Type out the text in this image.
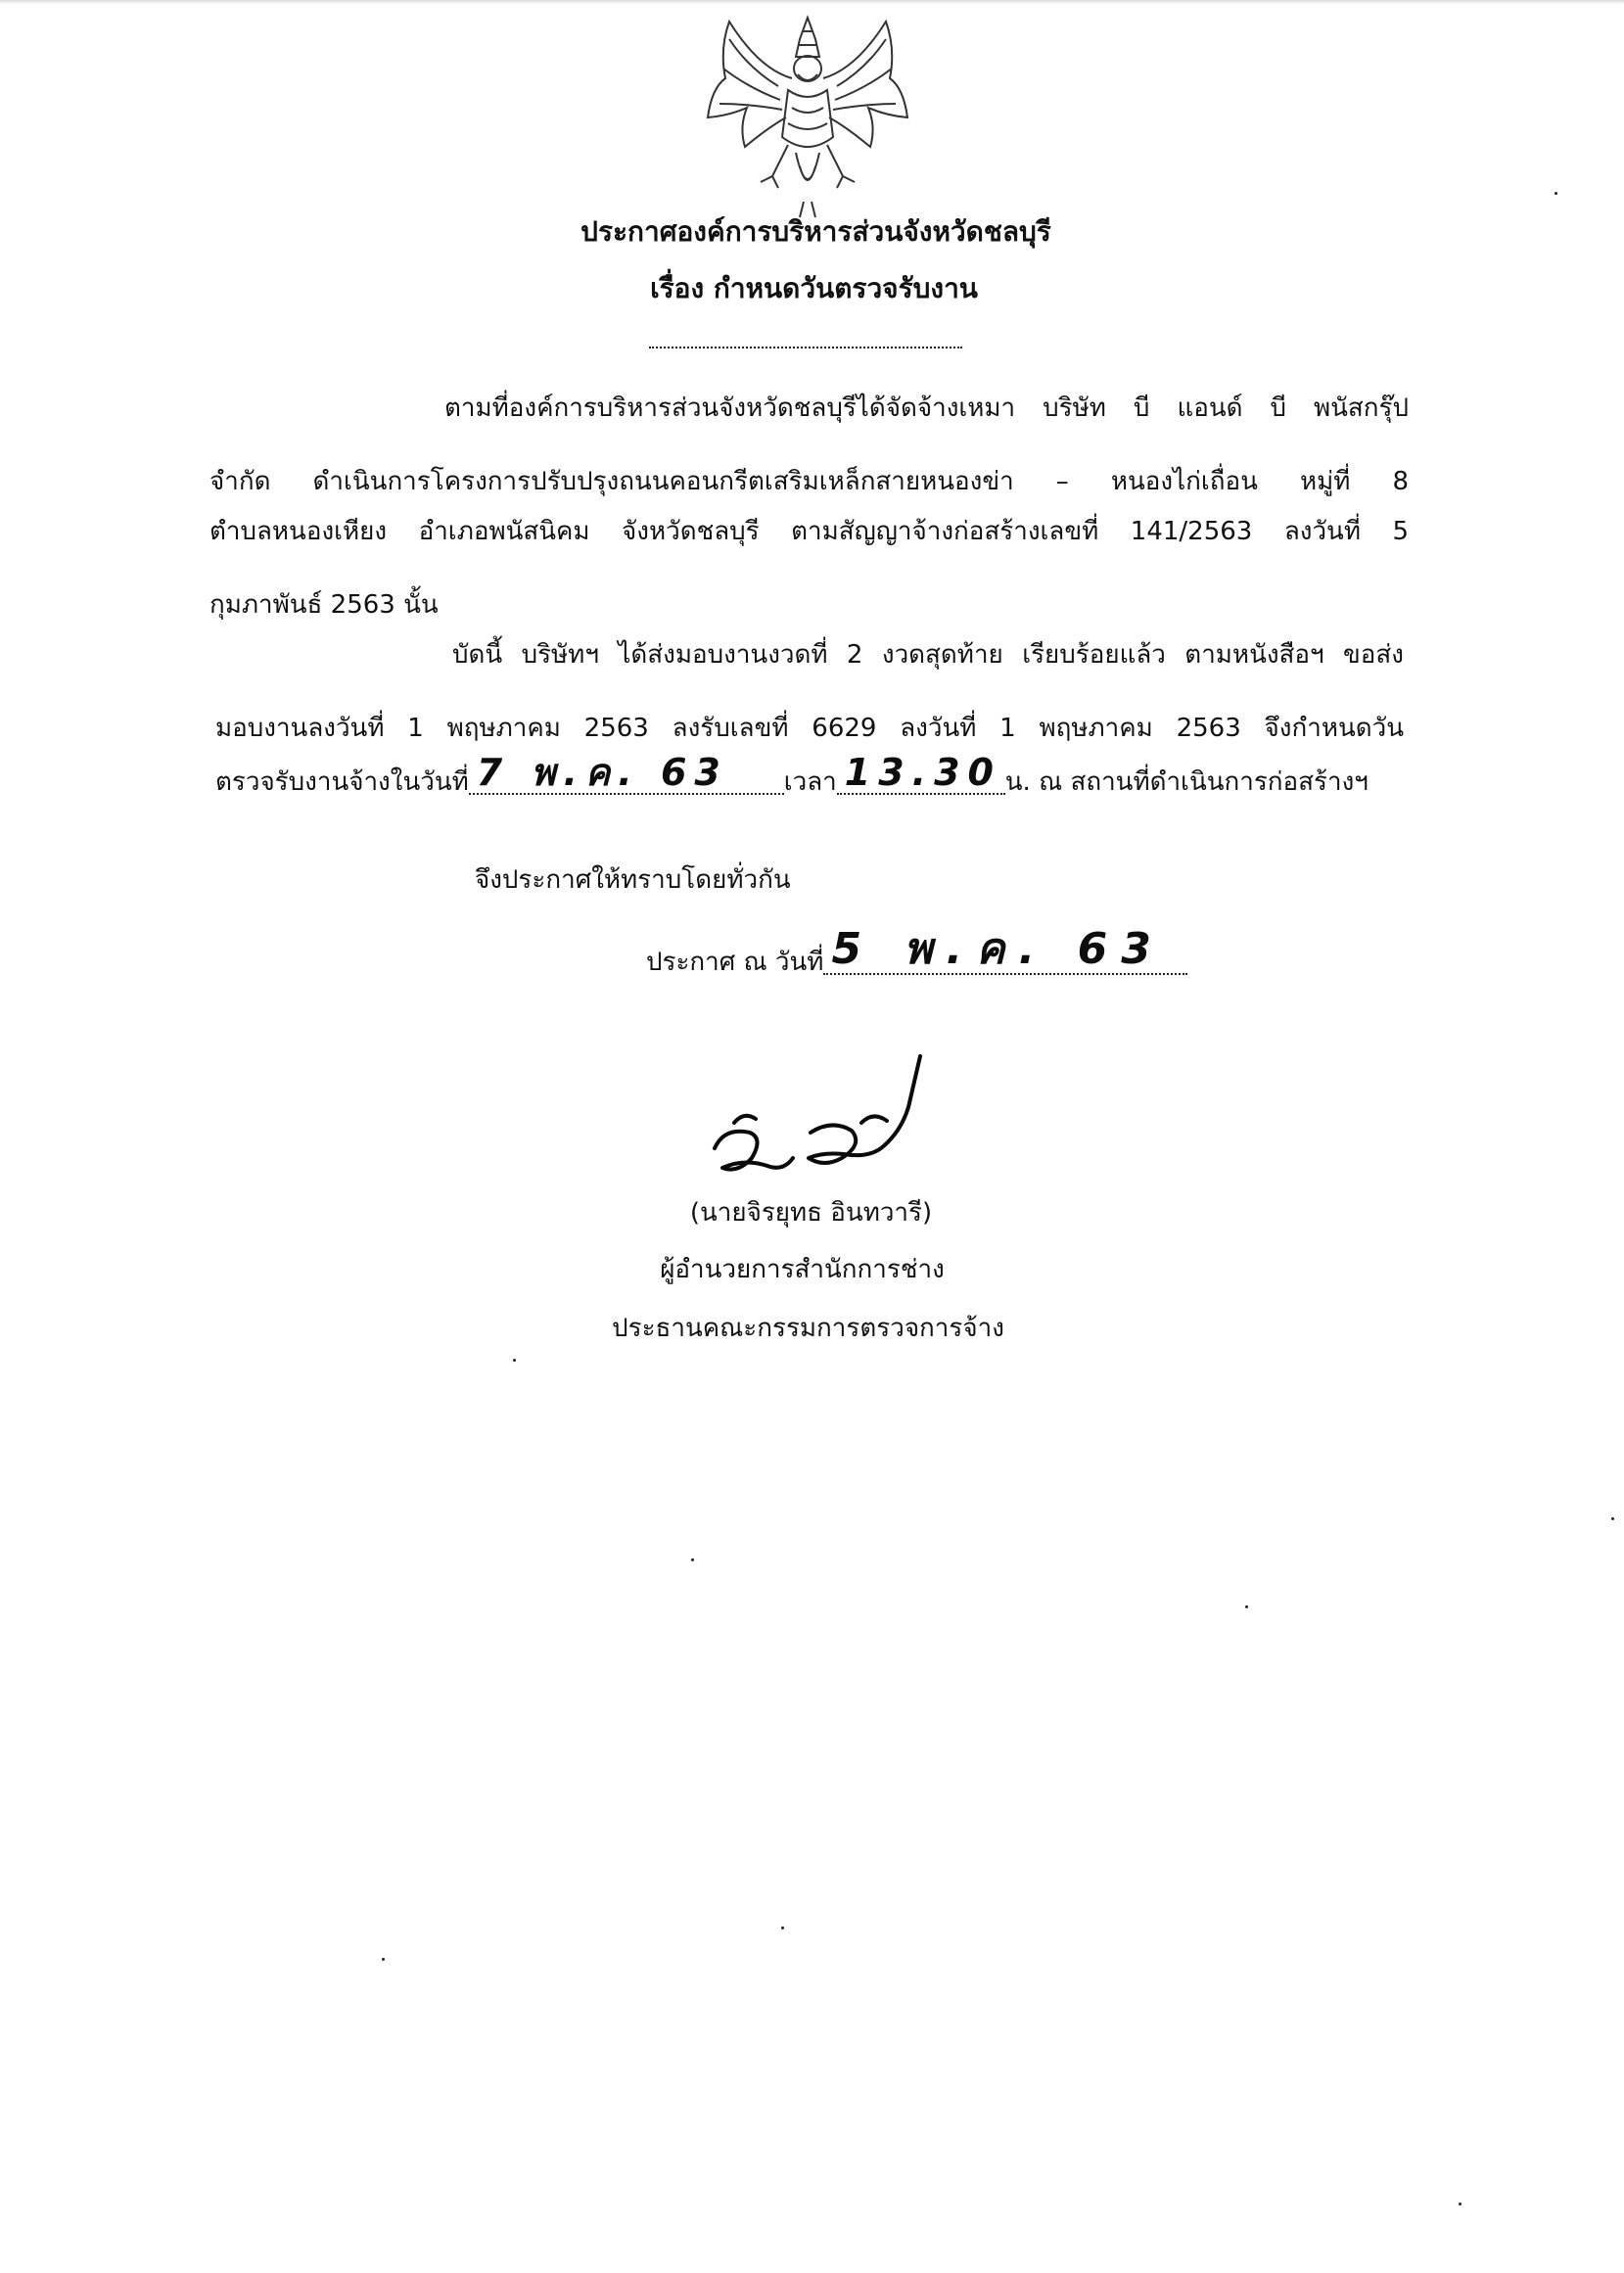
ประกาศองค์การบริหารส่วนจังหวัดชลบุรี
เรื่อง กำหนดวันตรวจรับงาน
ตามที่องค์การบริหารส่วนจังหวัดชลบุรีได้จัดจ้างเหมา บริษัท บี แอนด์ บี พนัสกรุ๊ป
จำกัด ดำเนินการโครงการปรับปรุงถนนคอนกรีตเสริมเหล็กสายหนองข่า – หนองไก่เถื่อน หมู่ที่ 8
ตำบลหนองเหียง อำเภอพนัสนิคม จังหวัดชลบุรี ตามสัญญาจ้างก่อสร้างเลขที่ 141/2563 ลงวันที่ 5
กุมภาพันธ์ 2563 นั้น
บัดนี้ บริษัทฯ ได้ส่งมอบงานงวดที่ 2 งวดสุดท้าย เรียบร้อยแล้ว ตามหนังสือฯ ขอส่ง
มอบงานลงวันที่ 1 พฤษภาคม 2563 ลงรับเลขที่ 6629 ลงวันที่ 1 พฤษภาคม 2563 จึงกำหนดวัน
ตรวจรับงานจ้างในวันที่ 7 พ.ค. 63 เวลา 13.30 น. ณ สถานที่ดำเนินการก่อสร้างฯ
จึงประกาศให้ทราบโดยทั่วกัน
ประกาศ ณ วันที่ 5 พ.ค. 63
(นายจิรยุทธ อินทวารี)
ผู้อำนวยการสำนักการช่าง
ประธานคณะกรรมการตรวจการจ้าง
